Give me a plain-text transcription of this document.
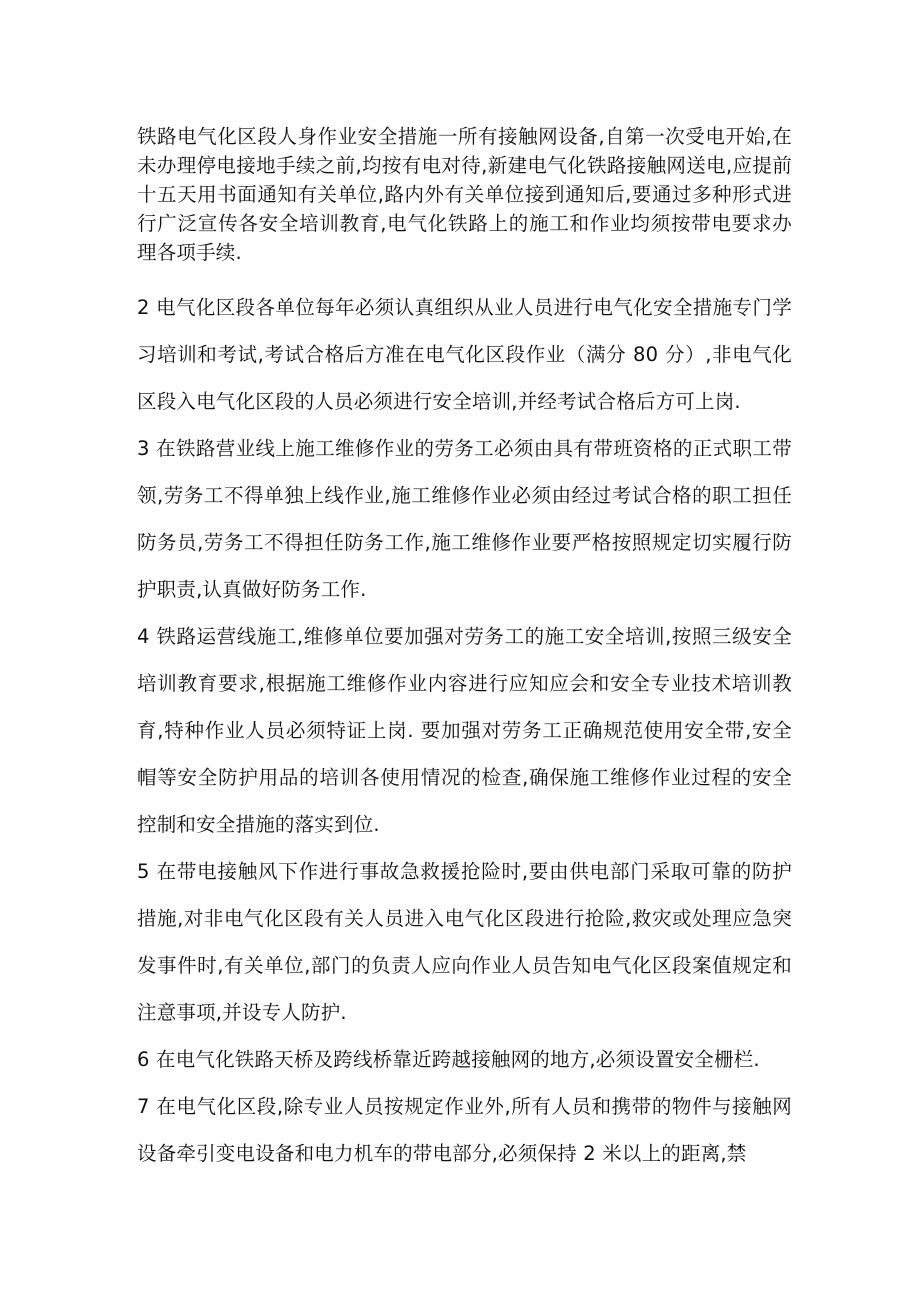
铁路电气化区段人身作业安全措施一所有接触网设备,自第一次受电开始,在未办理停电接地手续之前,均按有电对待,新建电气化铁路接触网送电,应提前十五天用书面通知有关单位,路内外有关单位接到通知后,要通过多种形式进行广泛宣传各安全培训教育,电气化铁路上的施工和作业均须按带电要求办理各项手续.

2 电气化区段各单位每年必须认真组织从业人员进行电气化安全措施专门学习培训和考试,考试合格后方准在电气化区段作业（满分 80 分）,非电气化区段入电气化区段的人员必须进行安全培训,并经考试合格后方可上岗.

3 在铁路营业线上施工维修作业的劳务工必须由具有带班资格的正式职工带领,劳务工不得单独上线作业,施工维修作业必须由经过考试合格的职工担任防务员,劳务工不得担任防务工作,施工维修作业要严格按照规定切实履行防护职责,认真做好防务工作.

4 铁路运营线施工,维修单位要加强对劳务工的施工安全培训,按照三级安全培训教育要求,根据施工维修作业内容进行应知应会和安全专业技术培训教育,特种作业人员必须特证上岗. 要加强对劳务工正确规范使用安全带,安全帽等安全防护用品的培训各使用情况的检查,确保施工维修作业过程的安全控制和安全措施的落实到位.

5 在带电接触风下作进行事故急救援抢险时,要由供电部门采取可靠的防护措施,对非电气化区段有关人员进入电气化区段进行抢险,救灾或处理应急突发事件时,有关单位,部门的负责人应向作业人员告知电气化区段案值规定和注意事项,并设专人防护.

6 在电气化铁路天桥及跨线桥靠近跨越接触网的地方,必须设置安全栅栏.

7 在电气化区段,除专业人员按规定作业外,所有人员和携带的物件与接触网设备牵引变电设备和电力机车的带电部分,必须保持 2 米以上的距离,禁
